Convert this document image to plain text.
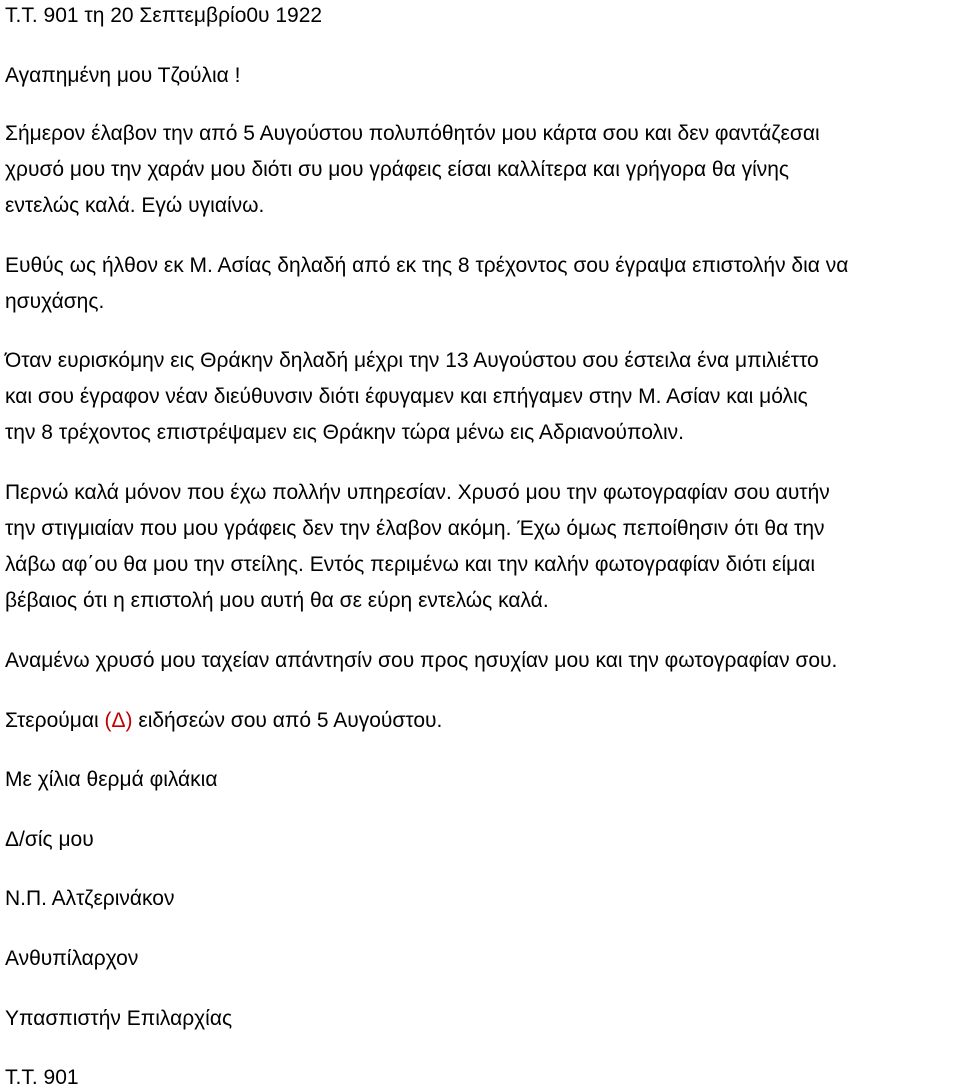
Τ.Τ. 901 τη 20 Σεπτεμβρίο0υ 1922
Αγαπημένη μου Τζούλια !
Σήμερον έλαβον την από 5 Αυγούστου πολυπόθητόν μου κάρτα σου και δεν φαντάζεσαι
χρυσό μου την χαράν μου διότι συ μου γράφεις είσαι καλλίτερα και γρήγορα θα γίνης
εντελώς καλά. Εγώ υγιαίνω.
Ευθύς ως ήλθον εκ Μ. Ασίας δηλαδή από εκ της 8 τρέχοντος σου έγραψα επιστολήν δια να
ησυχάσης.
Όταν ευρισκόμην εις Θράκην δηλαδή μέχρι την 13 Αυγούστου σου έστειλα ένα μπιλιέττο
και σου έγραφον νέαν διεύθυνσιν διότι έφυγαμεν και επήγαμεν στην Μ. Ασίαν και μόλις
την 8 τρέχοντος επιστρέψαμεν εις Θράκην τώρα μένω εις Αδριανούπολιν.
Περνώ καλά μόνον που έχω πολλήν υπηρεσίαν. Χρυσό μου την φωτογραφίαν σου αυτήν
την στιγμιαίαν που μου γράφεις δεν την έλαβον ακόμη. Έχω όμως πεποίθησιν ότι θα την
λάβω αφ΄ου θα μου την στείλης. Εντός περιμένω και την καλήν φωτογραφίαν διότι είμαι
βέβαιος ότι η επιστολή μου αυτή θα σε εύρη εντελώς καλά.
Αναμένω χρυσό μου ταχείαν απάντησίν σου προς ησυχίαν μου και την φωτογραφίαν σου.
Στερούμαι (Δ) ειδήσεών σου από 5 Αυγούστου.
Με χίλια θερμά φιλάκια
Δ/σίς μου
Ν.Π. Αλτζερινάκον
Ανθυπίλαρχον
Υπασπιστήν Επιλαρχίας
Τ.Τ. 901
